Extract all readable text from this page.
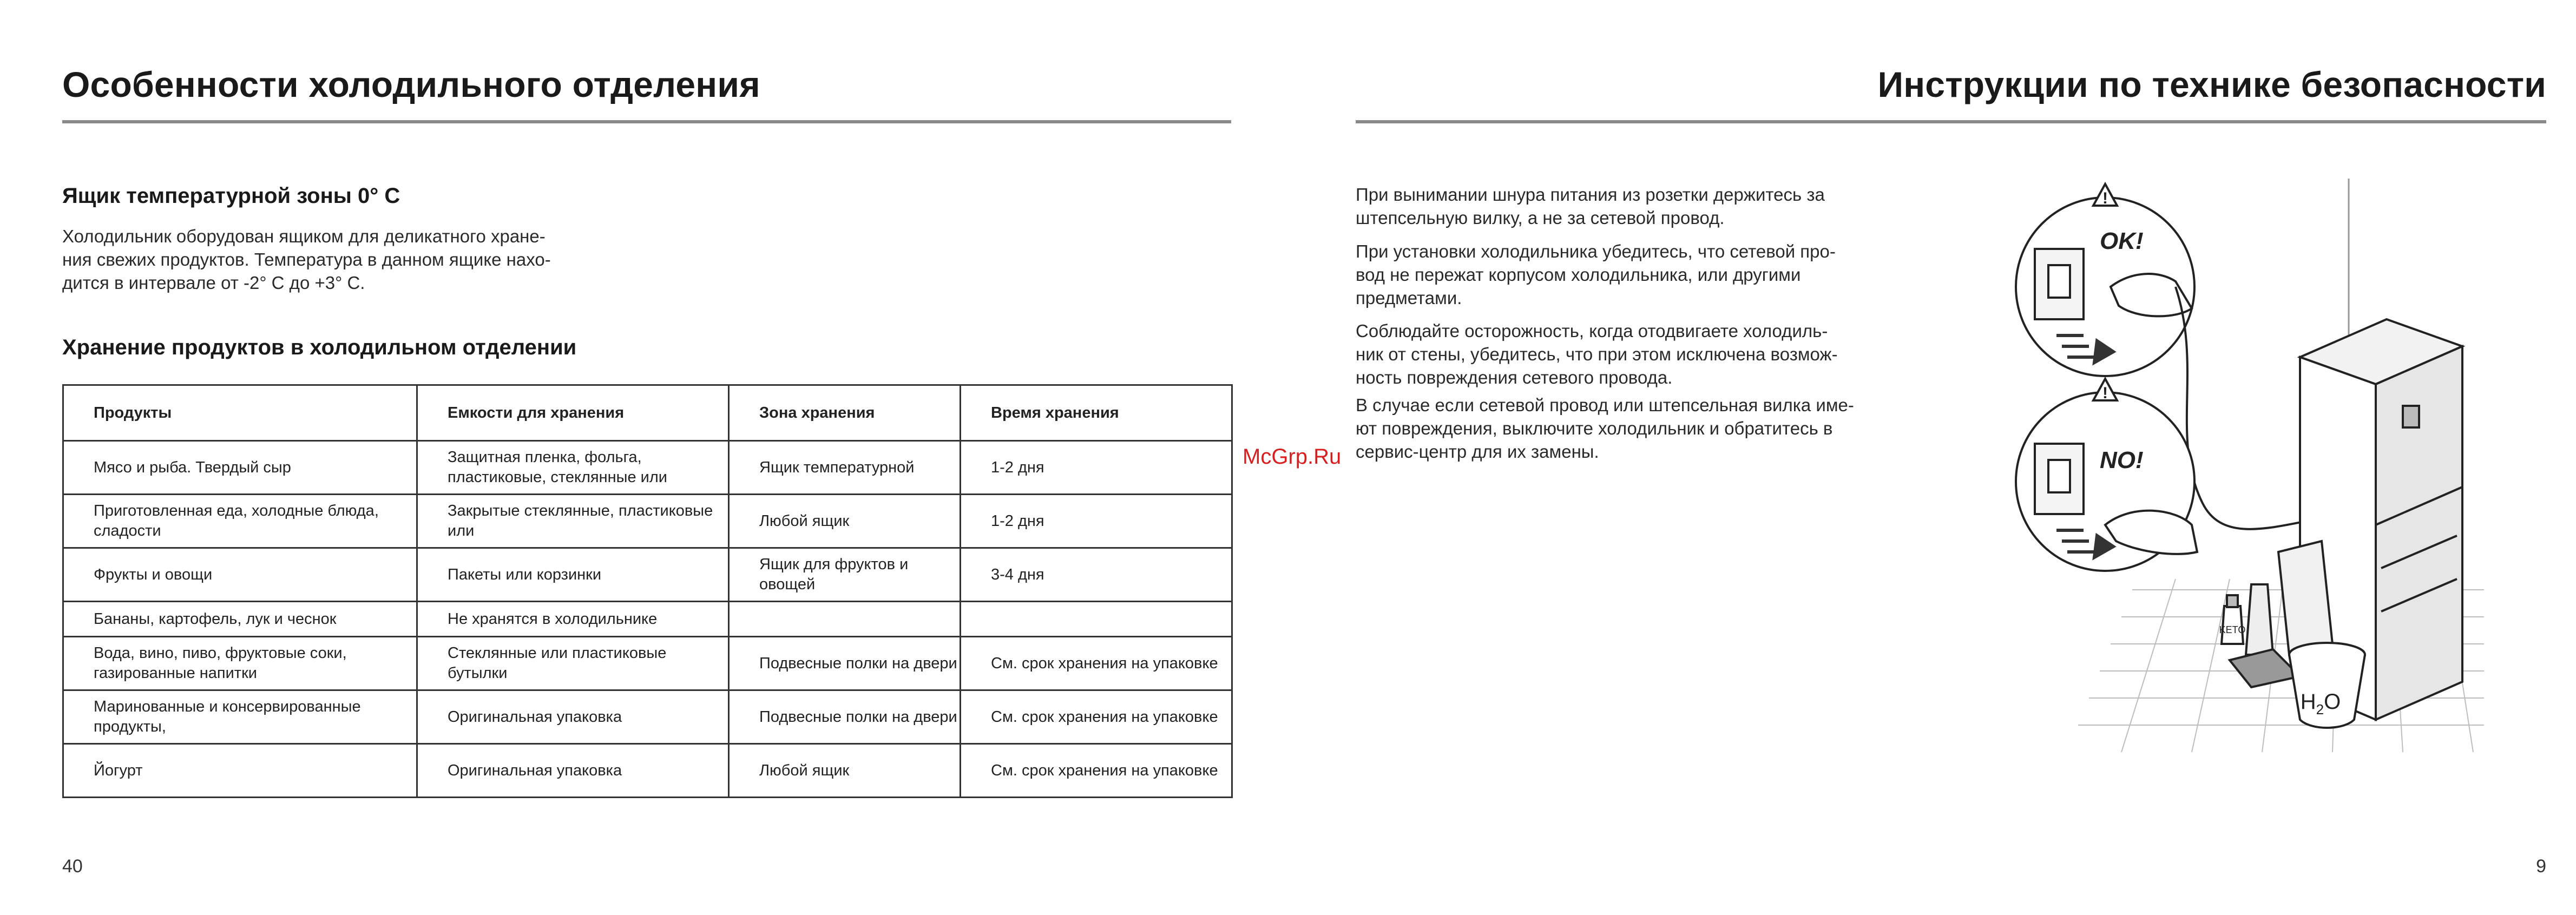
Особенности холодильного отделения
Ящик температурной зоны 0° C

Холодильник оборудован ящиком для деликатного хране-
ния свежих продуктов. Температура в данном ящике нахо-
дится в интервале от -2° C до +3° C.

Хранение продуктов в холодильном отделении
Продукты	Емкости для хранения	Зона хранения	Время хранения
Мясо и рыба. Твердый сыр	Защитная пленка, фольга, пластиковые, стеклянные или	Ящик температурной	1-2 дня
Приготовленная еда, холодные блюда, сладости	Закрытые стеклянные, пластиковые или	Любой ящик	1-2 дня
Фрукты и овощи	Пакеты или корзинки	Ящик для фруктов и овощей	3-4 дня
Бананы, картофель, лук и чеснок	Не хранятся в холодильнике		
Вода, вино, пиво, фруктовые соки, газированные напитки	Стеклянные или пластиковые бутылки	Подвесные полки на двери	См. срок хранения на упаковке
Маринованные и консервированные продукты,	Оригинальная упаковка	Подвесные полки на двери	См. срок хранения на упаковке
Йогурт	Оригинальная упаковка	Любой ящик	См. срок хранения на упаковке
40
Инструкции по технике безопасности

При вынимании шнура питания из розетки держитесь за
штепсельную вилку, а не за сетевой провод.

При установки холодильника убедитесь, что сетевой про-
вод не пережат корпусом холодильника, или другими
предметами.

Соблюдайте осторожность, когда отодвигаете холодиль-
ник от стены, убедитесь, что при этом исключена возмож-
ность повреждения сетевого провода.

В случае если сетевой провод или штепсельная вилка име-
ют повреждения, выключите холодильник и обратитесь в
сервис-центр для их замены.

9
!
OK!
!
NO!
KETO
$H_2O$
McGrp.Ru
